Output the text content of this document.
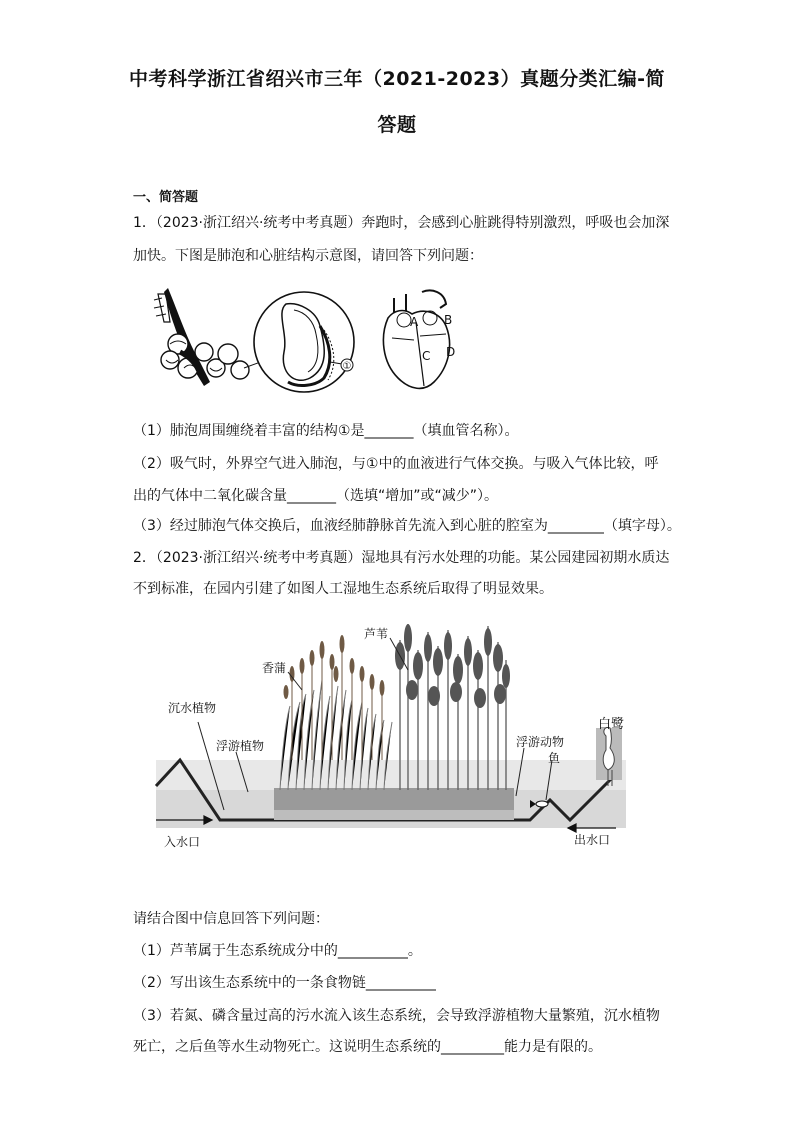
中考科学浙江省绍兴市三年（2021-2023）真题分类汇编-简
答题
一、简答题
1．（2023·浙江绍兴·统考中考真题）奔跑时，会感到心脏跳得特别激烈，呼吸也会加深
加快。下图是肺泡和心脏结构示意图，请回答下列问题：
①
A B
C D
（1）肺泡周围缠绕着丰富的结构①是_______（填血管名称）。
（2）吸气时，外界空气进入肺泡，与①中的血液进行气体交换。与吸入气体比较，呼
出的气体中二氧化碳含量_______（选填“增加”或“减少”）。
（3）经过肺泡气体交换后，血液经肺静脉首先流入到心脏的腔室为________（填字母）。
2．（2023·浙江绍兴·统考中考真题）湿地具有污水处理的功能。某公园建园初期水质达
不到标准，在园内引建了如图人工湿地生态系统后取得了明显效果。
芦苇
香蒲
沉水植物
浮游植物	浮游动物
鱼
白鹭
入水口	出水口
请结合图中信息回答下列问题：
（1）芦苇属于生态系统成分中的__________。
（2）写出该生态系统中的一条食物链__________
（3）若氮、磷含量过高的污水流入该生态系统，会导致浮游植物大量繁殖，沉水植物
死亡，之后鱼等水生动物死亡。这说明生态系统的_________能力是有限的。
